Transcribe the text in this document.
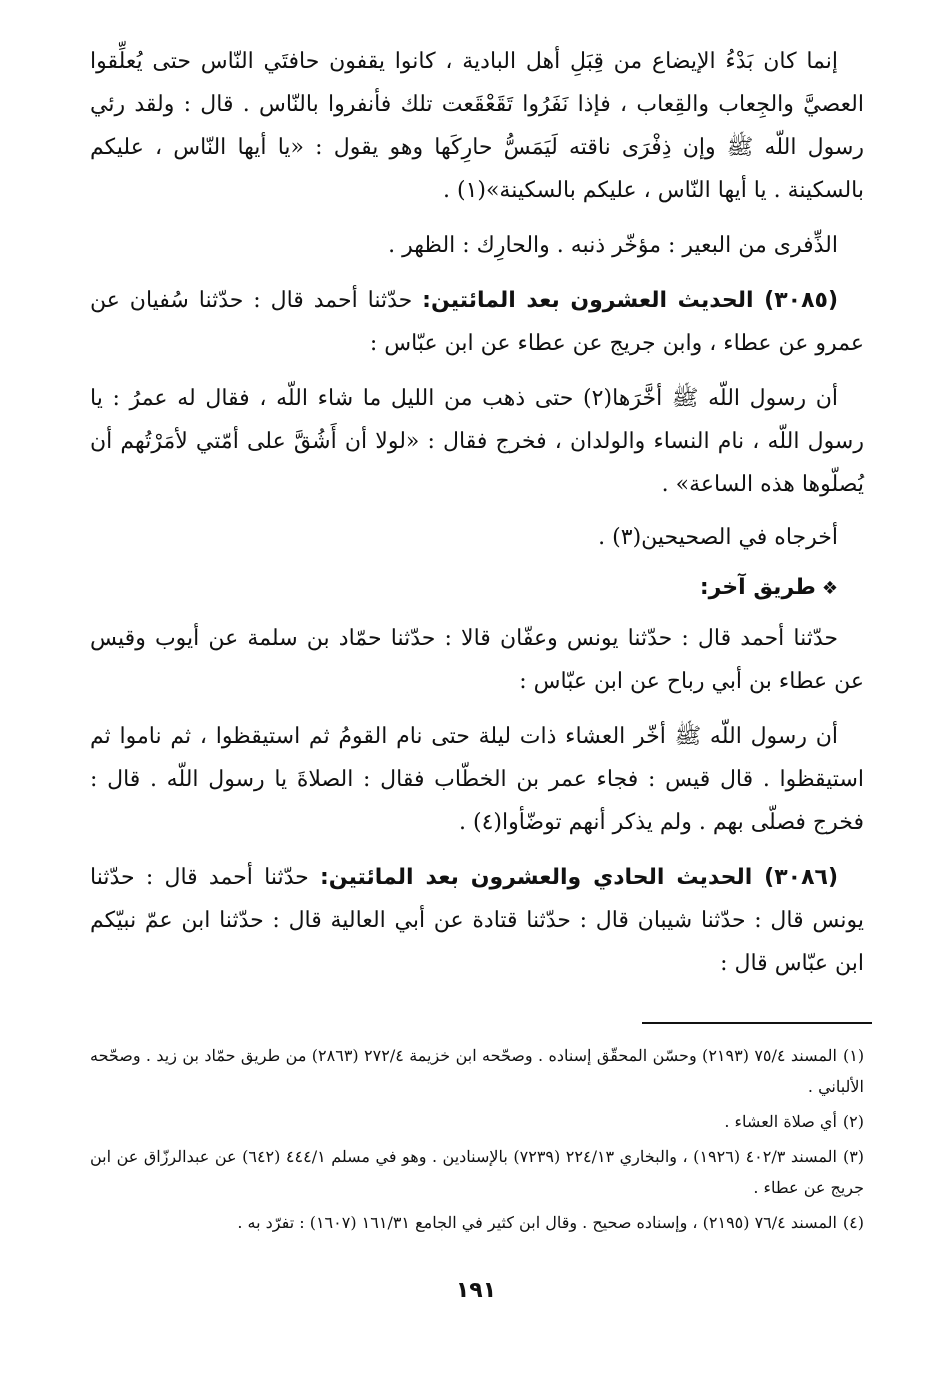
إنما كان بَدْءُ الإيضاع من قِبَلِ أهل البادية ، كانوا يقفون حافتَي النّاس حتى يُعلِّقوا العصيَّ والجِعاب والقِعاب ، فإذا نَفَرُوا تَقَعْقَعت تلك فأنفروا بالنّاس . قال : ولقد رئي رسول اللّه ﷺ وإن ذِفْرَى ناقته لَيَمَسُّ حارِكَها وهو يقول : «يا أيها النّاس ، عليكم بالسكينة . يا أيها النّاس ، عليكم بالسكينة»(١) .

الذِّفرى من البعير : مؤخّر ذنبه . والحارِك : الظهر .

(٣٠٨٥) الحديث العشرون بعد المائتين: حدّثنا أحمد قال : حدّثنا سُفيان عن عمرو عن عطاء ، وابن جريج عن عطاء عن ابن عبّاس :

أن رسول اللّه ﷺ أخَّرَها(٢) حتى ذهب من الليل ما شاء اللّه ، فقال له عمرُ : يا رسول اللّه ، نام النساء والولدان ، فخرج فقال : «لولا أن أَشُقَّ على أمّتي لأمَرْتُهم أن يُصلّوها هذه الساعة» .

أخرجاه في الصحيحين(٣) .

❖طريق آخر:

حدّثنا أحمد قال : حدّثنا يونس وعفّان قالا : حدّثنا حمّاد بن سلمة عن أيوب وقيس عن عطاء بن أبي رباح عن ابن عبّاس :

أن رسول اللّه ﷺ أخّر العشاء ذات ليلة حتى نام القومُ ثم استيقظوا ، ثم ناموا ثم استيقظوا . قال قيس : فجاء عمر بن الخطّاب فقال : الصلاةَ يا رسول اللّه . قال : فخرج فصلّى بهم . ولم يذكر أنهم توضّأوا(٤) .

(٣٠٨٦) الحديث الحادي والعشرون بعد المائتين: حدّثنا أحمد قال : حدّثنا يونس قال : حدّثنا شيبان قال : حدّثنا قتادة عن أبي العالية قال : حدّثنا ابن عمّ نبيّكم ابن عبّاس قال :

(١)المسند ٧٥/٤ (٢١٩٣) وحسّن المحقّق إسناده . وصحّحه ابن خزيمة ٢٧٢/٤ (٢٨٦٣) من طريق حمّاد بن زيد . وصحّحه الألباني .

(٢)أي صلاة العشاء .

(٣)المسند ٤٠٢/٣ (١٩٢٦) ، والبخاري ٢٢٤/١٣ (٧٢٣٩) بالإسنادين . وهو في مسلم ٤٤٤/١ (٦٤٢) عن عبدالرزّاق عن ابن جريج عن عطاء .

(٤)المسند ٧٦/٤ (٢١٩٥) ، وإسناده صحيح . وقال ابن كثير في الجامع ١٦١/٣١ (١٦٠٧) : تفرّد به .

١٩١
